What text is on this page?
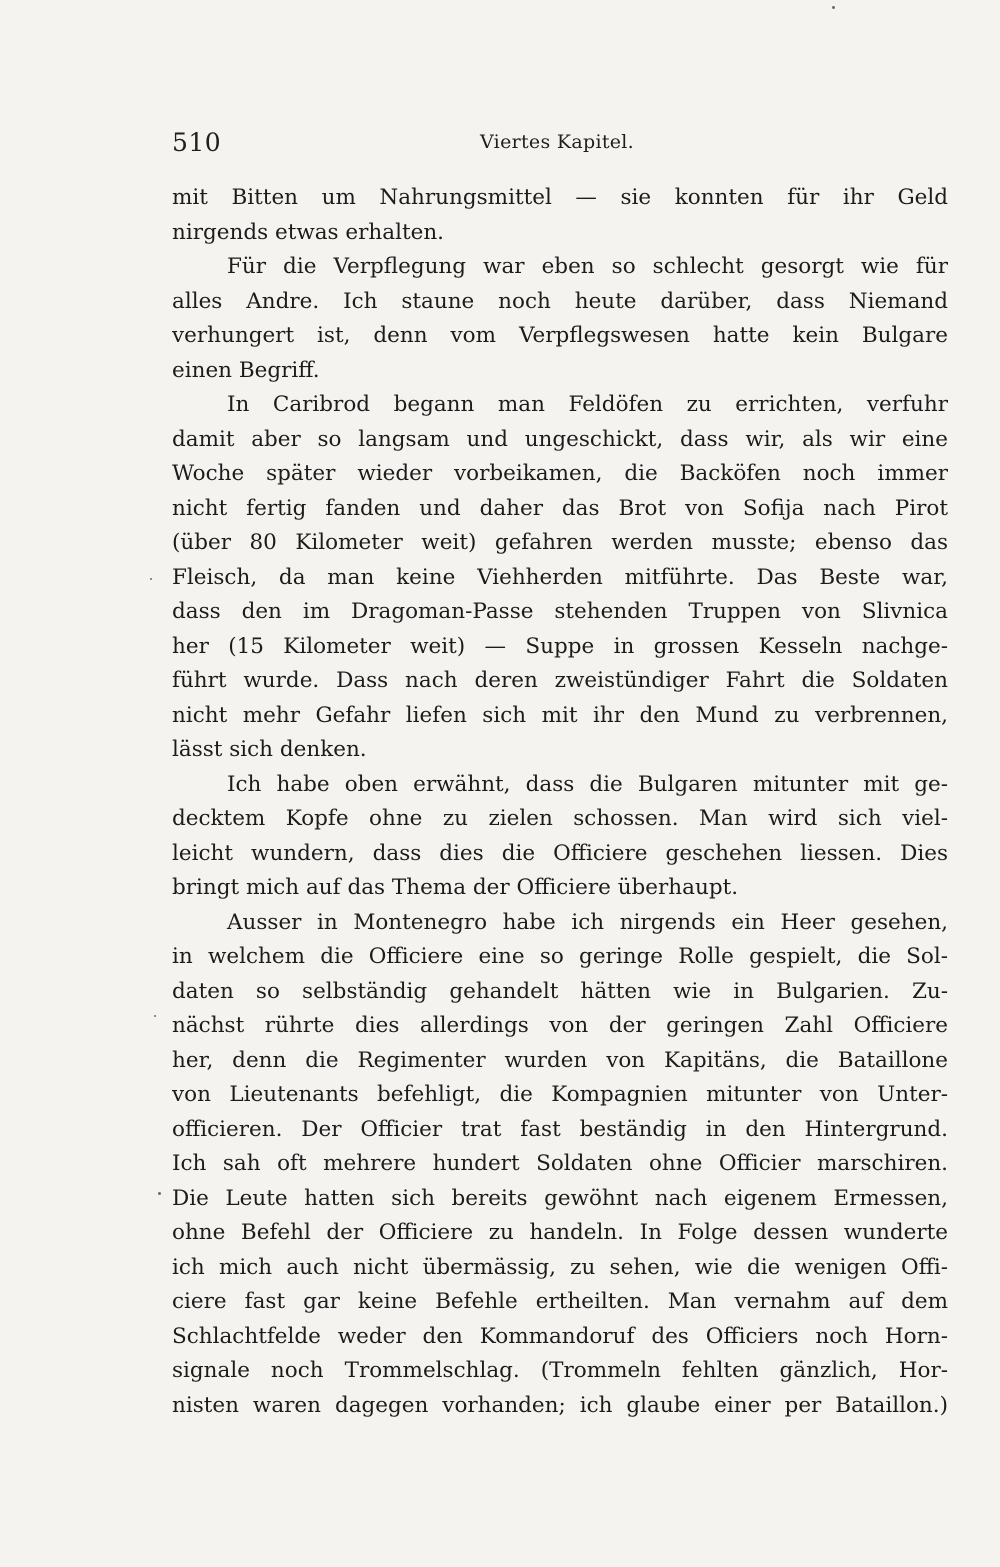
510	Viertes Kapitel.
mit Bitten um Nahrungsmittel — sie konnten für ihr Geld
nirgends etwas erhalten.
Für die Verpflegung war eben so schlecht gesorgt wie für
alles Andre. Ich staune noch heute darüber, dass Niemand
verhungert ist, denn vom Verpflegswesen hatte kein Bulgare
einen Begriff.
In Caribrod begann man Feldöfen zu errichten, verfuhr
damit aber so langsam und ungeschickt, dass wir, als wir eine
Woche später wieder vorbeikamen, die Backöfen noch immer
nicht fertig fanden und daher das Brot von Sofija nach Pirot
(über 80 Kilometer weit) gefahren werden musste; ebenso das
Fleisch, da man keine Viehherden mitführte. Das Beste war,
dass den im Dragoman-Passe stehenden Truppen von Slivnica
her (15 Kilometer weit) — Suppe in grossen Kesseln nachge-
führt wurde. Dass nach deren zweistündiger Fahrt die Soldaten
nicht mehr Gefahr liefen sich mit ihr den Mund zu verbrennen,
lässt sich denken.
Ich habe oben erwähnt, dass die Bulgaren mitunter mit ge-
decktem Kopfe ohne zu zielen schossen. Man wird sich viel-
leicht wundern, dass dies die Officiere geschehen liessen. Dies
bringt mich auf das Thema der Officiere überhaupt.
Ausser in Montenegro habe ich nirgends ein Heer gesehen,
in welchem die Officiere eine so geringe Rolle gespielt, die Sol-
daten so selbständig gehandelt hätten wie in Bulgarien. Zu-
nächst rührte dies allerdings von der geringen Zahl Officiere
her, denn die Regimenter wurden von Kapitäns, die Bataillone
von Lieutenants befehligt, die Kompagnien mitunter von Unter-
officieren. Der Officier trat fast beständig in den Hintergrund.
Ich sah oft mehrere hundert Soldaten ohne Officier marschiren.
Die Leute hatten sich bereits gewöhnt nach eigenem Ermessen,
ohne Befehl der Officiere zu handeln. In Folge dessen wunderte
ich mich auch nicht übermässig, zu sehen, wie die wenigen Offi-
ciere fast gar keine Befehle ertheilten. Man vernahm auf dem
Schlachtfelde weder den Kommandoruf des Officiers noch Horn-
signale noch Trommelschlag. (Trommeln fehlten gänzlich, Hor-
nisten waren dagegen vorhanden; ich glaube einer per Bataillon.)
